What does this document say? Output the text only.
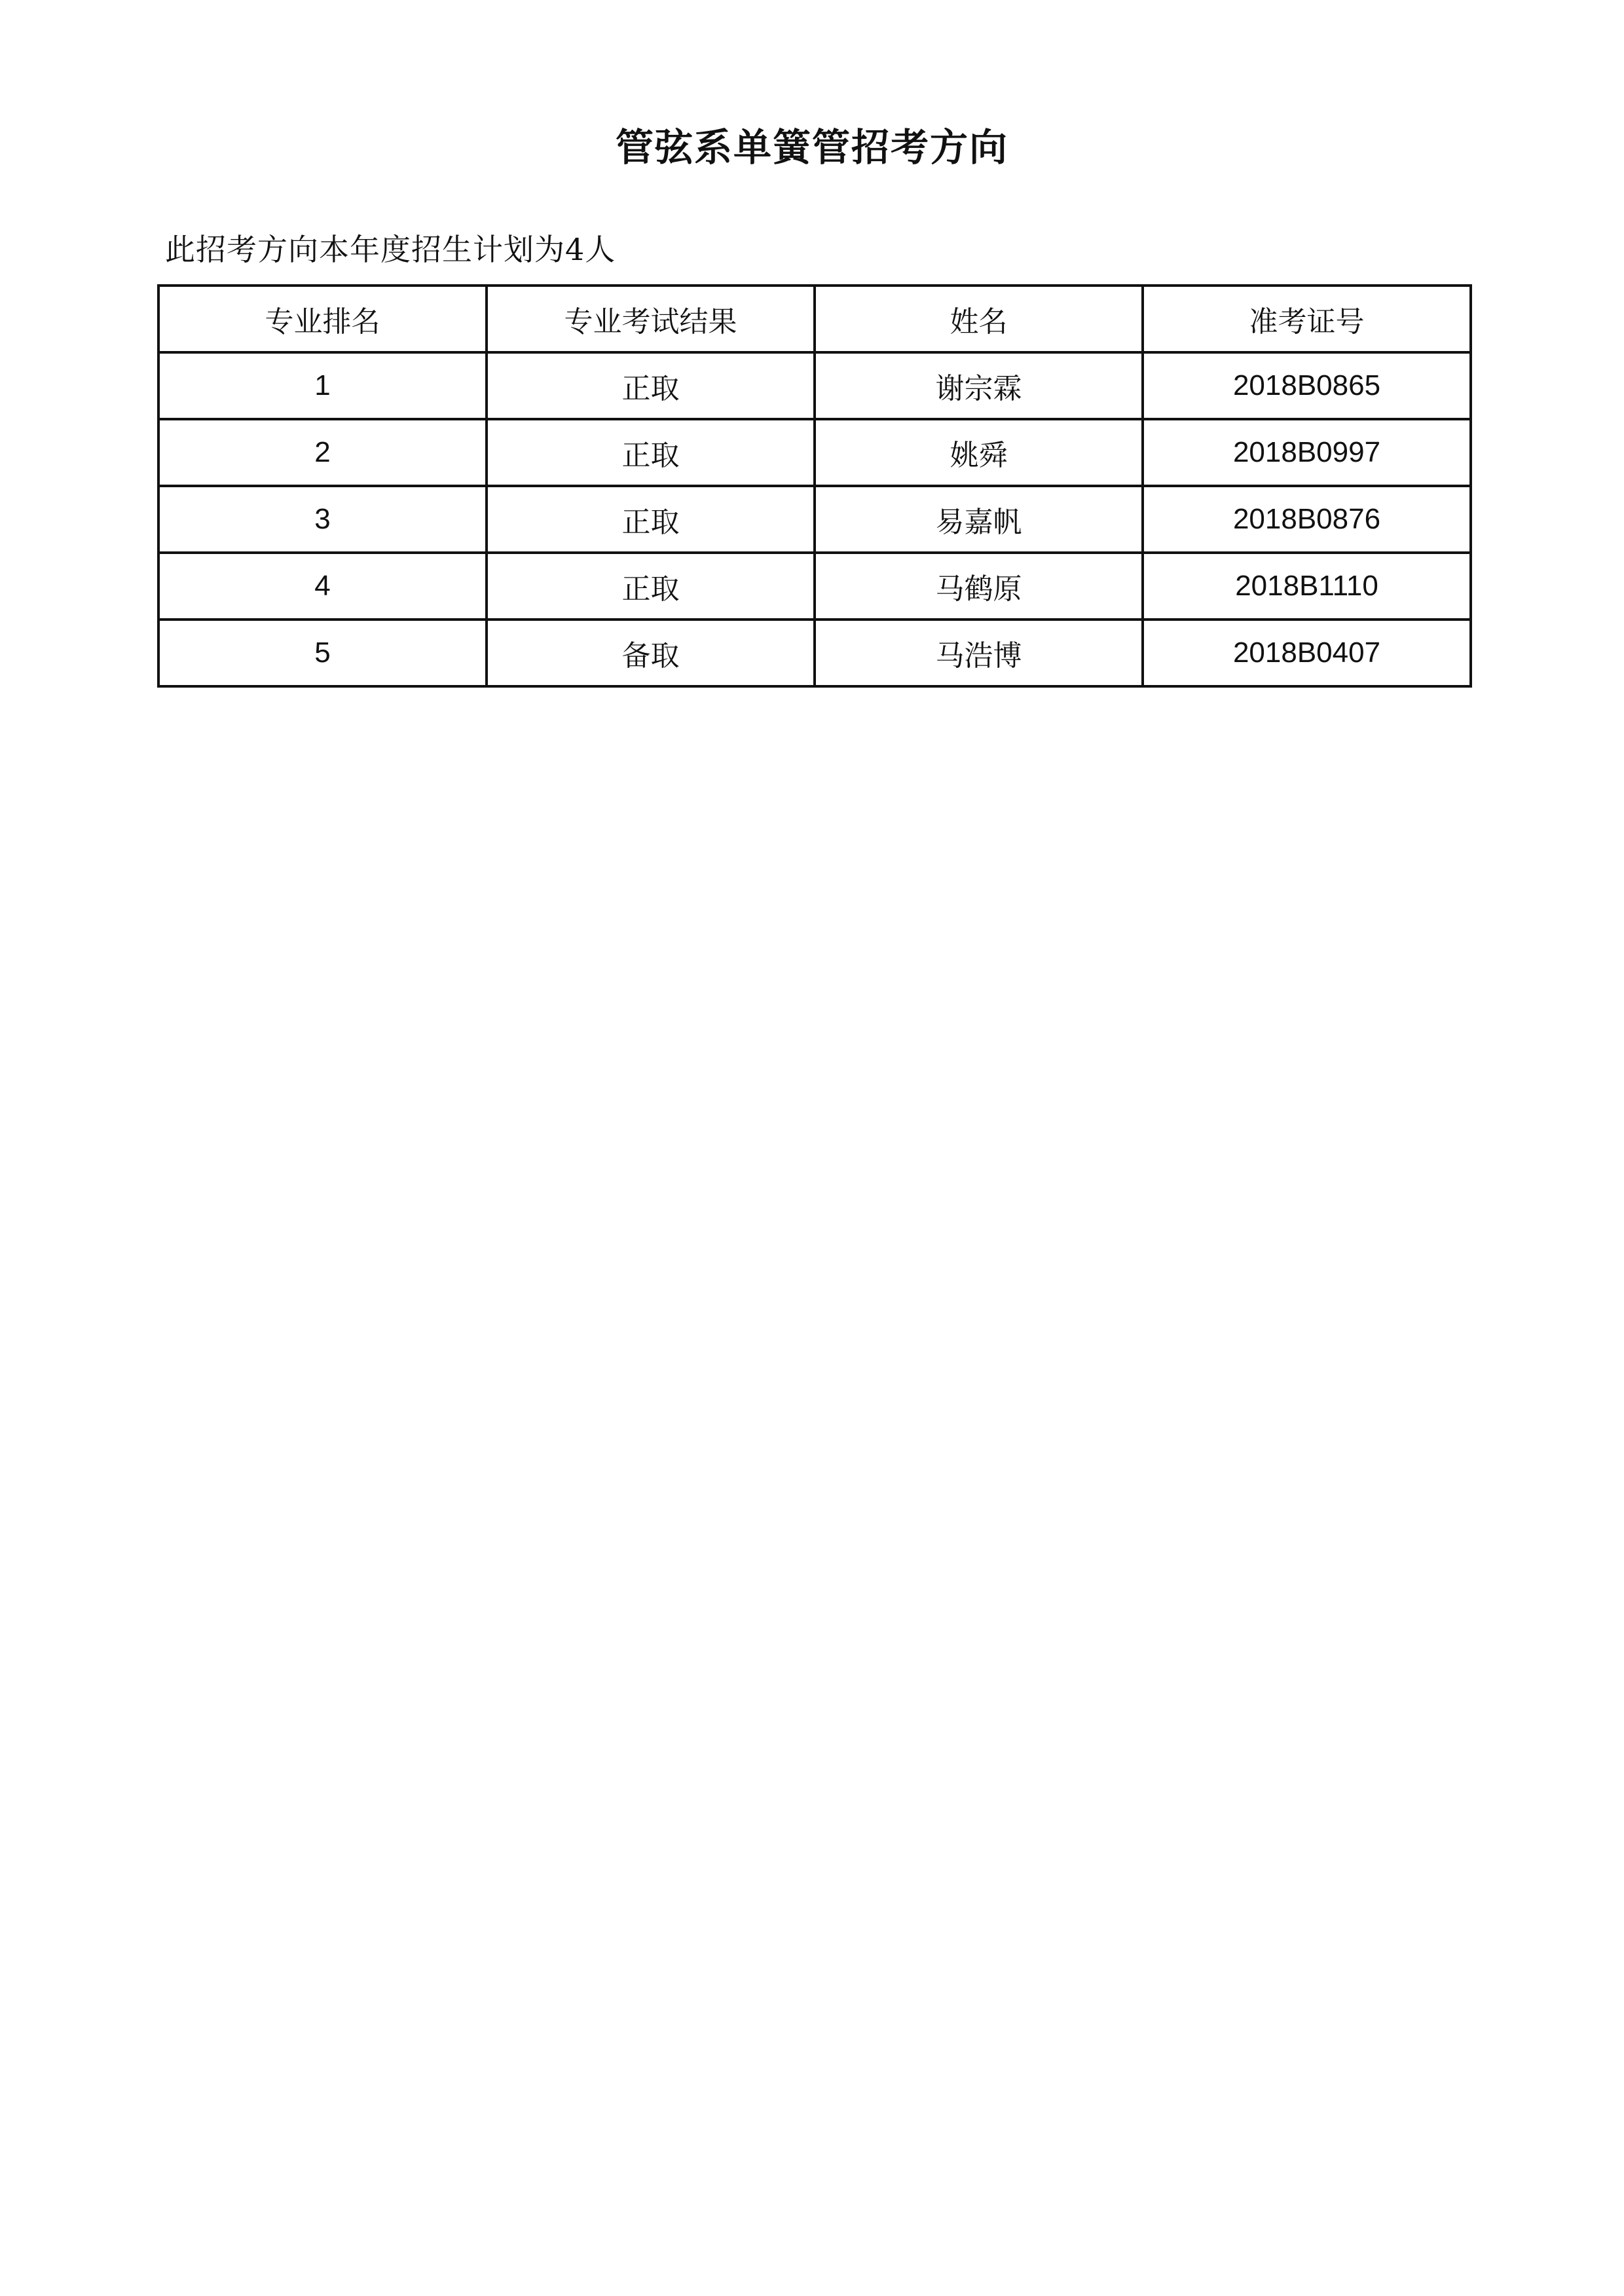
管弦系单簧管招考方向
此招考方向本年度招生计划为4人
专业排名	专业考试结果	姓名	准考证号
1	正取	谢宗霖	2018B0865
2	正取	姚舜	2018B0997
3	正取	易嘉帆	2018B0876
4	正取	马鹤原	2018B1110
5	备取	马浩博	2018B0407
